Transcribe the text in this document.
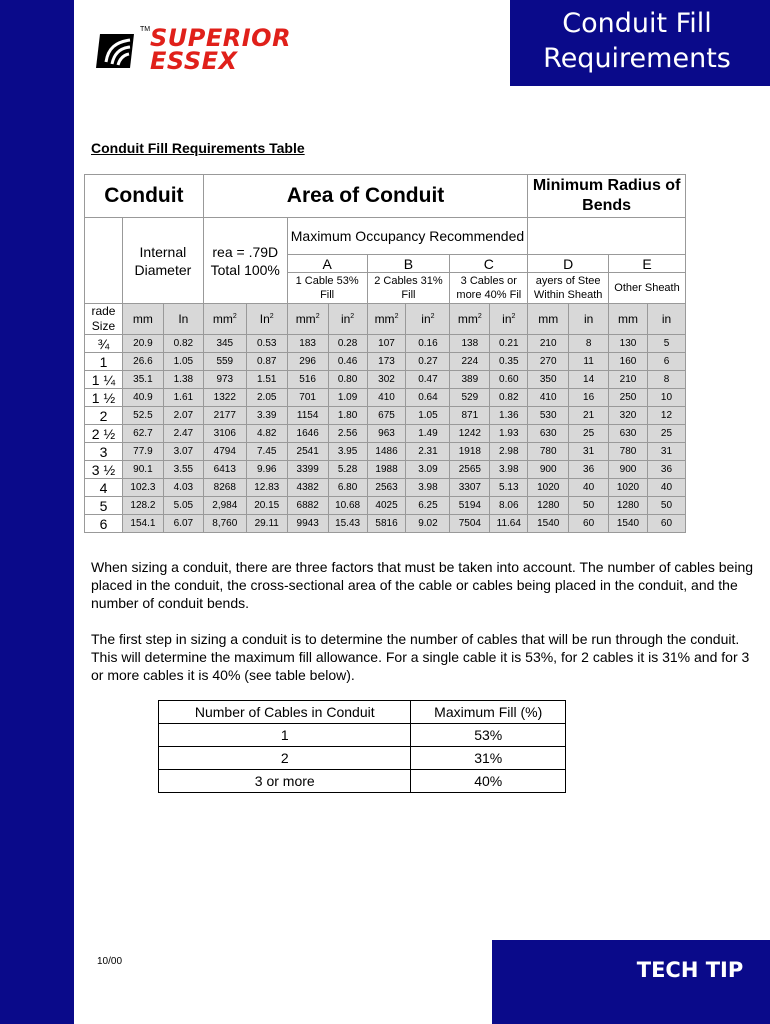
Conduit Fill
Requirements
TM SUPERIOR
ESSEX
Conduit Fill Requirements Table
Conduit			Area of Conduit								Minimum Radius of Bends			
	Internal Diameter		rea = .79D Total 100%		Maximum Occupancy Recommended									
					A		B		C		D		E	
					1 Cable 53% Fill		2 Cables 31% Fill		3 Cables or more 40% Fil		ayers of Stee Within Sheath		Other Sheath	
rade Size	mm	In	$mm^2$	In$^2$	$mm^2$	$in^2$	$mm^2$	$in^2$	$mm^2$	$in^2$	mm	in	mm	in
¾	20.9	0.82	345	0.53	183	0.28	107	0.16	138	0.21	210	8	130	5
1	26.6	1.05	559	0.87	296	0.46	173	0.27	224	0.35	270	11	160	6
1 ¼	35.1	1.38	973	1.51	516	0.80	302	0.47	389	0.60	350	14	210	8
1 ½	40.9	1.61	1322	2.05	701	1.09	410	0.64	529	0.82	410	16	250	10
2	52.5	2.07	2177	3.39	1154	1.80	675	1.05	871	1.36	530	21	320	12
2 ½	62.7	2.47	3106	4.82	1646	2.56	963	1.49	1242	1.93	630	25	630	25
3	77.9	3.07	4794	7.45	2541	3.95	1486	2.31	1918	2.98	780	31	780	31
3 ½	90.1	3.55	6413	9.96	3399	5.28	1988	3.09	2565	3.98	900	36	900	36
4	102.3	4.03	8268	12.83	4382	6.80	2563	3.98	3307	5.13	1020	40	1020	40
5	128.2	5.05	2,984	20.15	6882	10.68	4025	6.25	5194	8.06	1280	50	1280	50
6	154.1	6.07	8,760	29.11	9943	15.43	5816	9.02	7504	11.64	1540	60	1540	60
When sizing a conduit, there are three factors that must be taken into account. The number of cables being placed in the conduit, the cross-sectional area of the cable or cables being placed in the conduit, and the number of conduit bends.
The first step in sizing a conduit is to determine the number of cables that will be run through the conduit. This will determine the maximum fill allowance. For a single cable it is 53%, for 2 cables it is 31% and for 3 or more cables it is 40% (see table below).
Number of Cables in Conduit	Maximum Fill (%)
1	53%
2	31%
3 or more	40%
10/00	TECH TIP
